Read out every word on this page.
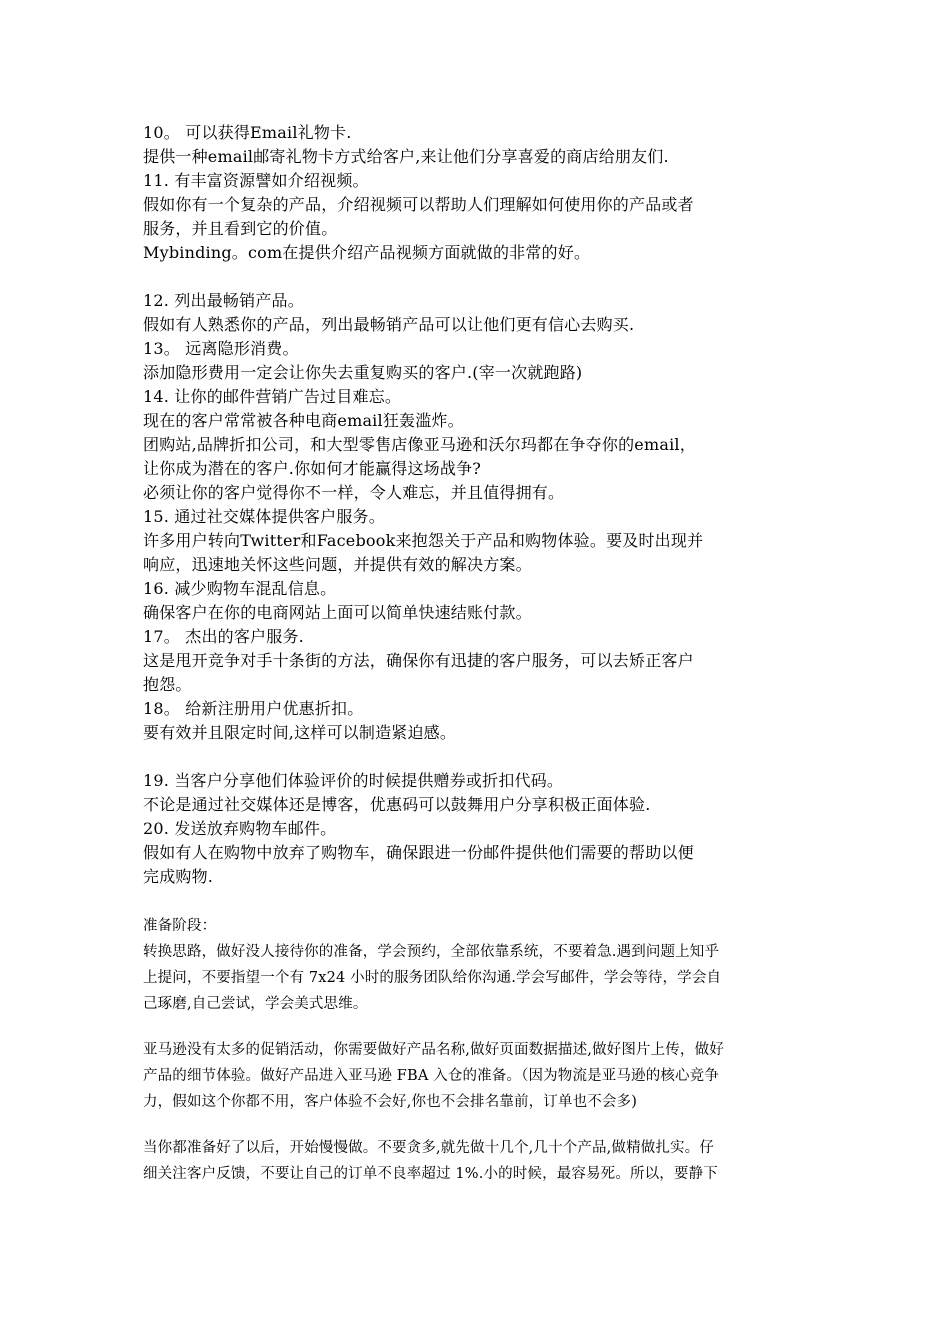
10。 可以获得Email礼物卡.
提供一种email邮寄礼物卡方式给客户,来让他们分享喜爱的商店给朋友们.
11. 有丰富资源譬如介绍视频。
假如你有一个复杂的产品，介绍视频可以帮助人们理解如何使用你的产品或者
服务，并且看到它的价值。
Mybinding。com在提供介绍产品视频方面就做的非常的好。
12. 列出最畅销产品。
假如有人熟悉你的产品，列出最畅销产品可以让他们更有信心去购买.
13。 远离隐形消费。
添加隐形费用一定会让你失去重复购买的客户.(宰一次就跑路)
14. 让你的邮件营销广告过目难忘。
现在的客户常常被各种电商email狂轰滥炸。
团购站,品牌折扣公司，和大型零售店像亚马逊和沃尔玛都在争夺你的email，
让你成为潜在的客户.你如何才能赢得这场战争?
必须让你的客户觉得你不一样，令人难忘，并且值得拥有。
15. 通过社交媒体提供客户服务。
许多用户转向Twitter和Facebook来抱怨关于产品和购物体验。要及时出现并
响应，迅速地关怀这些问题，并提供有效的解决方案。
16. 减少购物车混乱信息。
确保客户在你的电商网站上面可以简单快速结账付款。
17。 杰出的客户服务.
这是甩开竞争对手十条街的方法，确保你有迅捷的客户服务，可以去矫正客户
抱怨。
18。 给新注册用户优惠折扣。
要有效并且限定时间,这样可以制造紧迫感。
19. 当客户分享他们体验评价的时候提供赠券或折扣代码。
不论是通过社交媒体还是博客，优惠码可以鼓舞用户分享积极正面体验.
20. 发送放弃购物车邮件。
假如有人在购物中放弃了购物车，确保跟进一份邮件提供他们需要的帮助以便
完成购物.
准备阶段：
转换思路，做好没人接待你的准备，学会预约，全部依靠系统，不要着急.遇到问题上知乎
上提问，不要指望一个有 7x24 小时的服务团队给你沟通.学会写邮件，学会等待，学会自
己琢磨,自己尝试，学会美式思维。
亚马逊没有太多的促销活动，你需要做好产品名称,做好页面数据描述,做好图片上传，做好
产品的细节体验。做好产品进入亚马逊 FBA 入仓的准备。（因为物流是亚马逊的核心竞争
力，假如这个你都不用，客户体验不会好,你也不会排名靠前，订单也不会多)
当你都准备好了以后，开始慢慢做。不要贪多,就先做十几个,几十个产品,做精做扎实。仔
细关注客户反馈，不要让自己的订单不良率超过 1%.小的时候，最容易死。所以，要静下
